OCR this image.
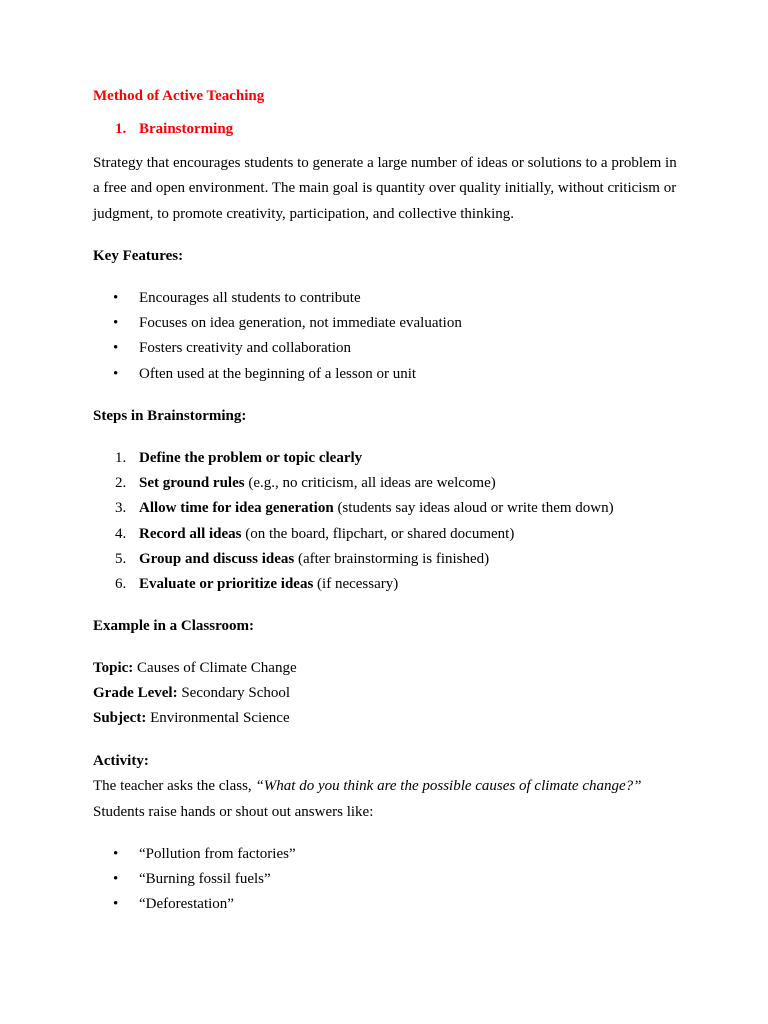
Method of Active Teaching
1. Brainstorming
Strategy that encourages students to generate a large number of ideas or solutions to a problem in
a free and open environment. The main goal is quantity over quality initially, without criticism or
judgment, to promote creativity, participation, and collective thinking.
Key Features:
• Encourages all students to contribute
• Focuses on idea generation, not immediate evaluation
• Fosters creativity and collaboration
• Often used at the beginning of a lesson or unit
Steps in Brainstorming:
1. Define the problem or topic clearly
2. Set ground rules (e.g., no criticism, all ideas are welcome)
3. Allow time for idea generation (students say ideas aloud or write them down)
4. Record all ideas (on the board, flipchart, or shared document)
5. Group and discuss ideas (after brainstorming is finished)
6. Evaluate or prioritize ideas (if necessary)
Example in a Classroom:
Topic: Causes of Climate Change
Grade Level: Secondary School
Subject: Environmental Science
Activity:
The teacher asks the class, “What do you think are the possible causes of climate change?”
Students raise hands or shout out answers like:
• “Pollution from factories”
• “Burning fossil fuels”
• “Deforestation”
